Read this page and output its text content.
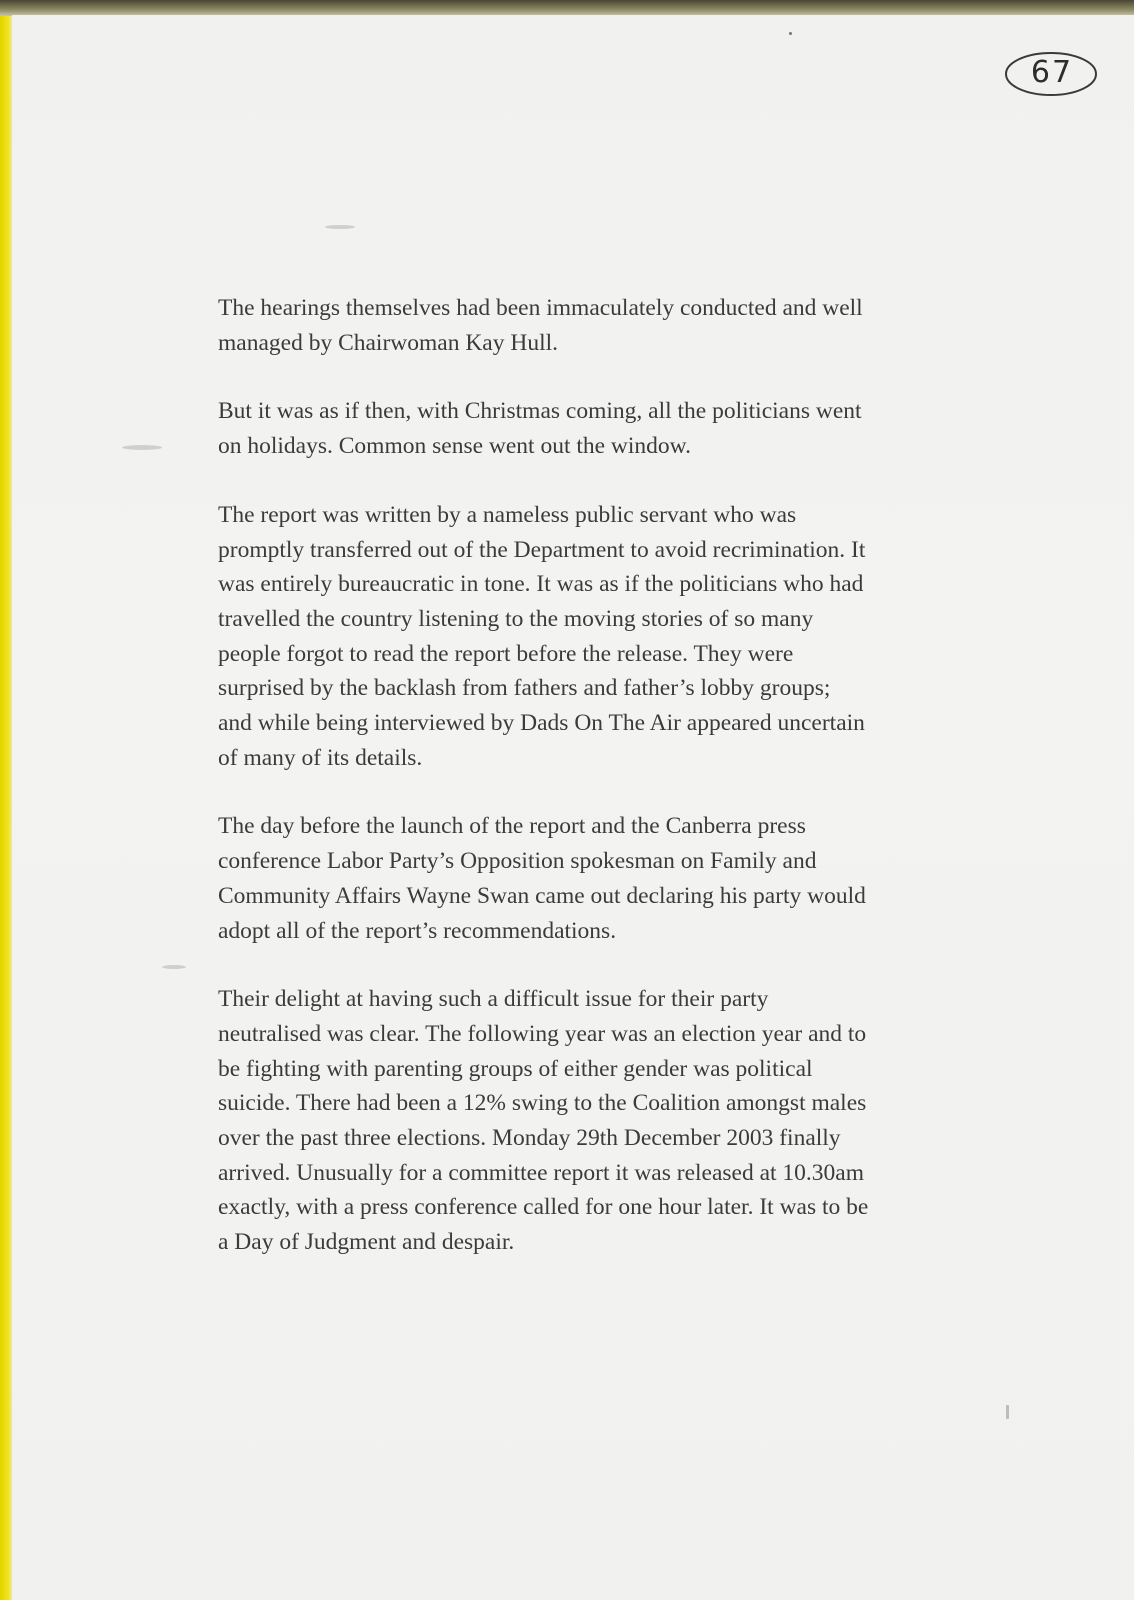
67

The hearings themselves had been immaculately conducted and well
managed by Chairwoman Kay Hull.

But it was as if then, with Christmas coming, all the politicians went
on holidays. Common sense went out the window.

The report was written by a nameless public servant who was
promptly transferred out of the Department to avoid recrimination. It
was entirely bureaucratic in tone. It was as if the politicians who had
travelled the country listening to the moving stories of so many
people forgot to read the report before the release. They were
surprised by the backlash from fathers and father’s lobby groups;
and while being interviewed by Dads On The Air appeared uncertain
of many of its details.

The day before the launch of the report and the Canberra press
conference Labor Party’s Opposition spokesman on Family and
Community Affairs Wayne Swan came out declaring his party would
adopt all of the report’s recommendations.

Their delight at having such a difficult issue for their party
neutralised was clear. The following year was an election year and to
be fighting with parenting groups of either gender was political
suicide. There had been a 12% swing to the Coalition amongst males
over the past three elections. Monday 29th December 2003 finally
arrived. Unusually for a committee report it was released at 10.30am
exactly, with a press conference called for one hour later. It was to be
a Day of Judgment and despair.
